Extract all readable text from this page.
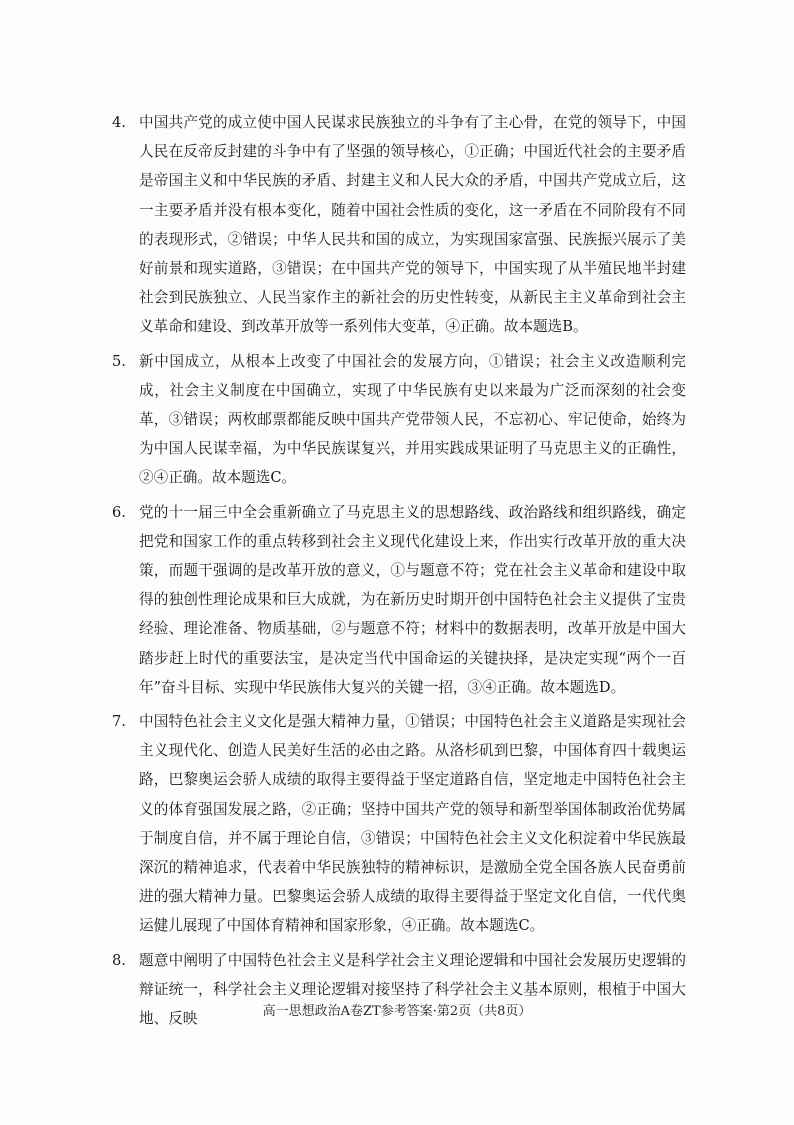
4. 中国共产党的成立使中国人民谋求民族独立的斗争有了主心骨，在党的领导下，中国人民在反帝反封建的斗争中有了坚强的领导核心，①正确；中国近代社会的主要矛盾是帝国主义和中华民族的矛盾、封建主义和人民大众的矛盾，中国共产党成立后，这一主要矛盾并没有根本变化，随着中国社会性质的变化，这一矛盾在不同阶段有不同的表现形式，②错误；中华人民共和国的成立，为实现国家富强、民族振兴展示了美好前景和现实道路，③错误；在中国共产党的领导下，中国实现了从半殖民地半封建社会到民族独立、人民当家作主的新社会的历史性转变，从新民主主义革命到社会主义革命和建设、到改革开放等一系列伟大变革，④正确。故本题选B。
5. 新中国成立，从根本上改变了中国社会的发展方向，①错误；社会主义改造顺利完成，社会主义制度在中国确立，实现了中华民族有史以来最为广泛而深刻的社会变革，③错误；两枚邮票都能反映中国共产党带领人民，不忘初心、牢记使命，始终为为中国人民谋幸福，为中华民族谋复兴，并用实践成果证明了马克思主义的正确性，②④正确。故本题选C。
6. 党的十一届三中全会重新确立了马克思主义的思想路线、政治路线和组织路线，确定把党和国家工作的重点转移到社会主义现代化建设上来，作出实行改革开放的重大决策，而题干强调的是改革开放的意义，①与题意不符；党在社会主义革命和建设中取得的独创性理论成果和巨大成就，为在新历史时期开创中国特色社会主义提供了宝贵经验、理论准备、物质基础，②与题意不符；材料中的数据表明，改革开放是中国大踏步赶上时代的重要法宝，是决定当代中国命运的关键抉择，是决定实现“两个一百年”奋斗目标、实现中华民族伟大复兴的关键一招，③④正确。故本题选D。
7. 中国特色社会主义文化是强大精神力量，①错误；中国特色社会主义道路是实现社会主义现代化、创造人民美好生活的必由之路。从洛杉矶到巴黎，中国体育四十载奥运路，巴黎奥运会骄人成绩的取得主要得益于坚定道路自信，坚定地走中国特色社会主义的体育强国发展之路，②正确；坚持中国共产党的领导和新型举国体制政治优势属于制度自信，并不属于理论自信，③错误；中国特色社会主义文化积淀着中华民族最深沉的精神追求，代表着中华民族独特的精神标识，是激励全党全国各族人民奋勇前进的强大精神力量。巴黎奥运会骄人成绩的取得主要得益于坚定文化自信，一代代奥运健儿展现了中国体育精神和国家形象，④正确。故本题选C。
8. 题意中阐明了中国特色社会主义是科学社会主义理论逻辑和中国社会发展历史逻辑的辩证统一，科学社会主义理论逻辑对接坚持了科学社会主义基本原则，根植于中国大地、反映	高一思想政治A卷ZT参考答案·第2页（共8页）
